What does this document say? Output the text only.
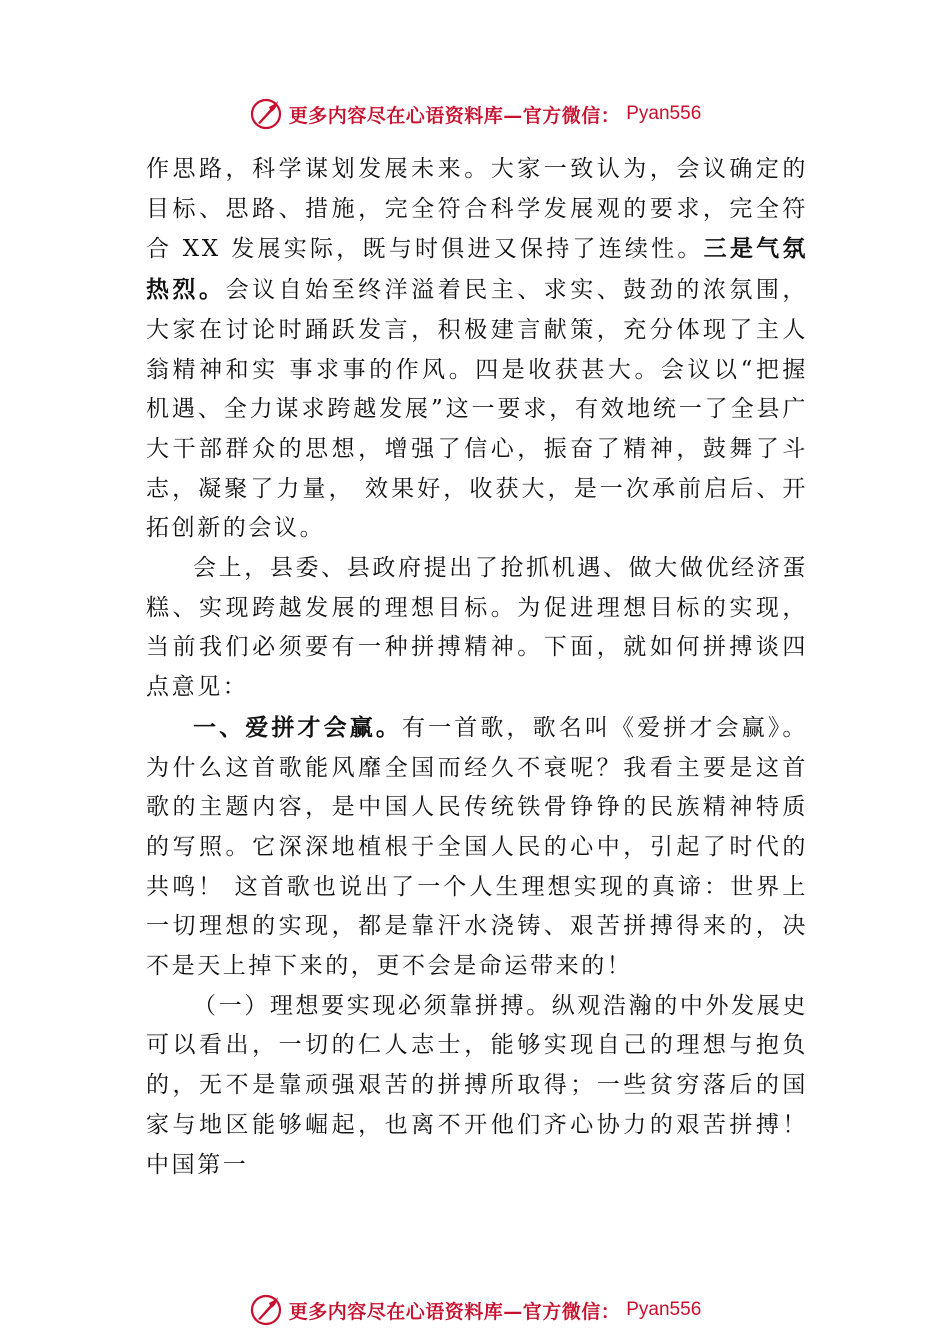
更多内容尽在心语资料库—官方微信： Pyan556

作思路，科学谋划发展未来。大家一致认为，会议确定的目标、思路、措施，完全符合科学发展观的要求，完全符合 XX 发展实际，既与时俱进又保持了连续性。三是气氛热烈。会议自始至终洋溢着民主、求实、鼓劲的浓氛围，大家在讨论时踊跃发言，积极建言献策，充分体现了主人翁精神和实 事求事的作风。四是收获甚大。会议以“把握机遇、全力谋求跨越发展”这一要求，有效地统一了全县广大干部群众的思想，增强了信心，振奋了精神，鼓舞了斗志，凝聚了力量， 效果好，收获大，是一次承前启后、开拓创新的会议。

会上，县委、县政府提出了抢抓机遇、做大做优经济蛋糕、实现跨越发展的理想目标。为促进理想目标的实现，当前我们必须要有一种拼搏精神。下面，就如何拼搏谈四点意见：

一、爱拼才会赢。有一首歌，歌名叫《爱拼才会赢》。为什么这首歌能风靡全国而经久不衰呢？我看主要是这首歌的主题内容，是中国人民传统铁骨铮铮的民族精神特质的写照。它深深地植根于全国人民的心中，引起了时代的共鸣！ 这首歌也说出了一个人生理想实现的真谛：世界上一切理想的实现，都是靠汗水浇铸、艰苦拼搏得来的，决不是天上掉下来的，更不会是命运带来的！

（一）理想要实现必须靠拼搏。纵观浩瀚的中外发展史可以看出，一切的仁人志士，能够实现自己的理想与抱负的，无不是靠顽强艰苦的拼搏所取得；一些贫穷落后的国家与地区能够崛起，也离不开他们齐心协力的艰苦拼搏！中国第一

更多内容尽在心语资料库—官方微信： Pyan556
